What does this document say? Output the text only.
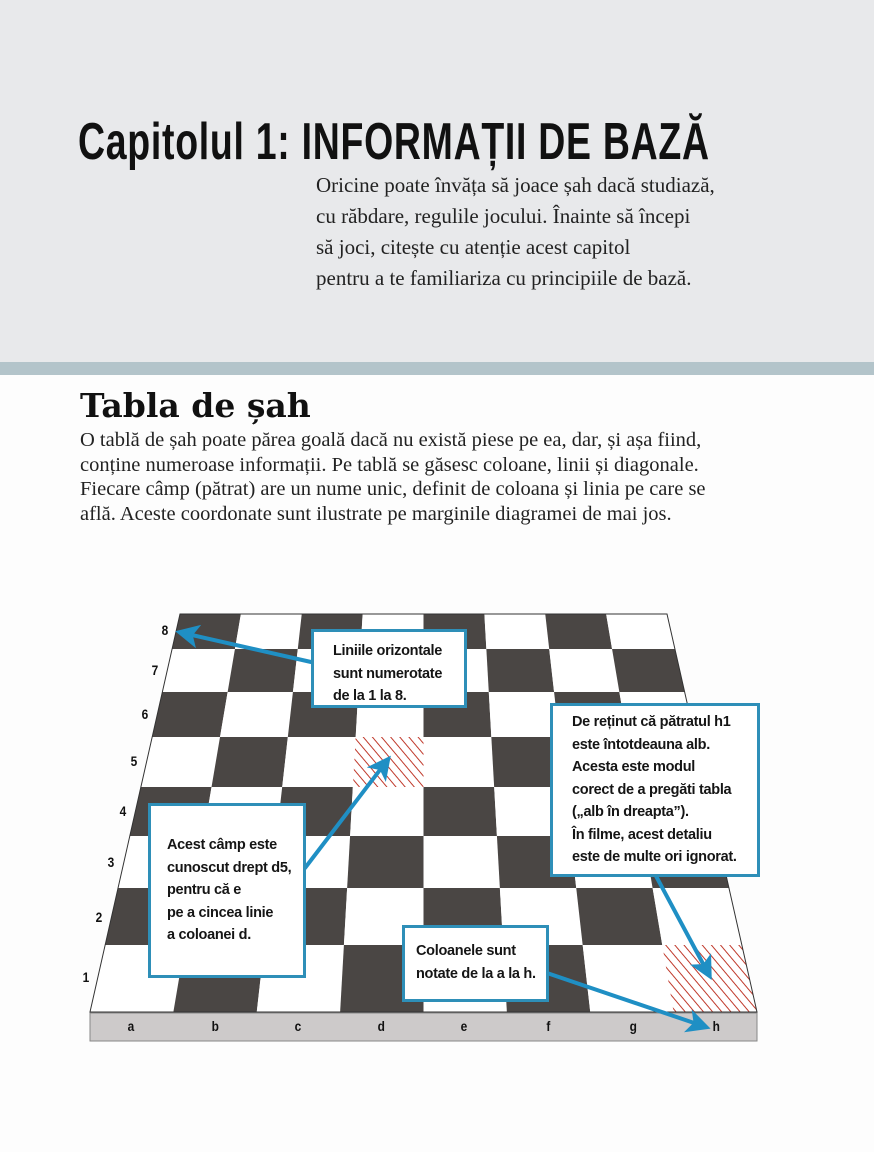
Capitolul 1: INFORMAȚII DE BAZĂ

Oricine poate învăța să joace șah dacă studiază,
cu răbdare, regulile jocului. Înainte să începi
să joci, citește cu atenție acest capitol
pentru a te familiariza cu principiile de bază.

Tabla de șah

O tablă de șah poate părea goală dacă nu există piese pe ea, dar, și așa fiind,
conține numeroase informații. Pe tablă se găsesc coloane, linii și diagonale.
Fiecare câmp (pătrat) are un nume unic, definit de coloana și linia pe care se
află. Aceste coordonate sunt ilustrate pe marginile diagramei de mai jos.

8
7
6
5
4
3
2
1
a	b	c	d	e	f	g	h
Liniile orizontale
sunt numerotate
de la 1 la 8.
Acest câmp este
cunoscut drept d5,
pentru că e
pe a cincea linie
a coloanei d.
De reținut că pătratul h1
este întotdeauna alb.
Acesta este modul
corect de a pregăti tabla
(„alb în dreapta”).
În filme, acest detaliu
este de multe ori ignorat.
Coloanele sunt
notate de la a la h.
